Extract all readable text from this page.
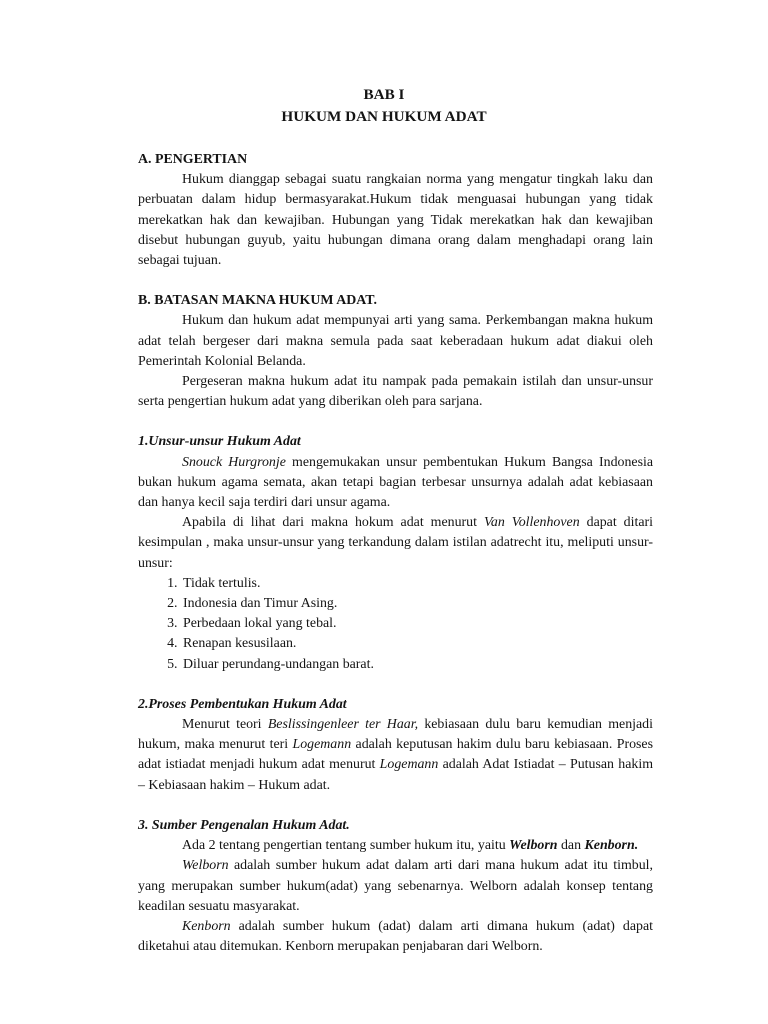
BAB I
HUKUM DAN HUKUM ADAT
A. PENGERTIAN

Hukum dianggap sebagai suatu rangkaian norma yang mengatur tingkah laku dan perbuatan dalam hidup bermasyarakat.Hukum tidak menguasai hubungan yang tidak merekatkan hak dan kewajiban. Hubungan yang Tidak merekatkan hak dan kewajiban disebut hubungan guyub, yaitu hubungan dimana orang dalam menghadapi orang lain sebagai tujuan.

B. BATASAN MAKNA HUKUM ADAT.

Hukum dan hukum adat mempunyai arti yang sama. Perkembangan makna hukum adat telah bergeser dari makna semula pada saat keberadaan hukum adat diakui oleh Pemerintah Kolonial Belanda.

Pergeseran makna hukum adat itu nampak pada pemakain istilah dan unsur-unsur serta pengertian hukum adat yang diberikan oleh para sarjana.

1.Unsur-unsur Hukum Adat

Snouck Hurgronje mengemukakan unsur pembentukan Hukum Bangsa Indonesia bukan hukum agama semata, akan tetapi bagian terbesar unsurnya adalah adat kebiasaan dan hanya kecil saja terdiri dari unsur agama.

Apabila di lihat dari makna hokum adat menurut Van Vollenhoven dapat ditari kesimpulan , maka unsur-unsur yang terkandung dalam istilan adatrecht itu, meliputi unsur-unsur:

1. Tidak tertulis.
2. Indonesia dan Timur Asing.
3. Perbedaan lokal yang tebal.
4. Renapan kesusilaan.
5. Diluar perundang-undangan barat.
2.Proses Pembentukan Hukum Adat

Menurut teori Beslissingenleer ter Haar, kebiasaan dulu baru kemudian menjadi hukum, maka menurut teri Logemann adalah keputusan hakim dulu baru kebiasaan. Proses adat istiadat menjadi hukum adat menurut Logemann adalah Adat Istiadat – Putusan hakim – Kebiasaan hakim – Hukum adat.

3. Sumber Pengenalan Hukum Adat.

Ada 2 tentang pengertian tentang sumber hukum itu, yaitu Welborn dan Kenborn.

Welborn adalah sumber hukum adat dalam arti dari mana hukum adat itu timbul, yang merupakan sumber hukum(adat) yang sebenarnya. Welborn adalah konsep tentang keadilan sesuatu masyarakat.

Kenborn adalah sumber hukum (adat) dalam arti dimana hukum (adat) dapat diketahui atau ditemukan. Kenborn merupakan penjabaran dari Welborn.
